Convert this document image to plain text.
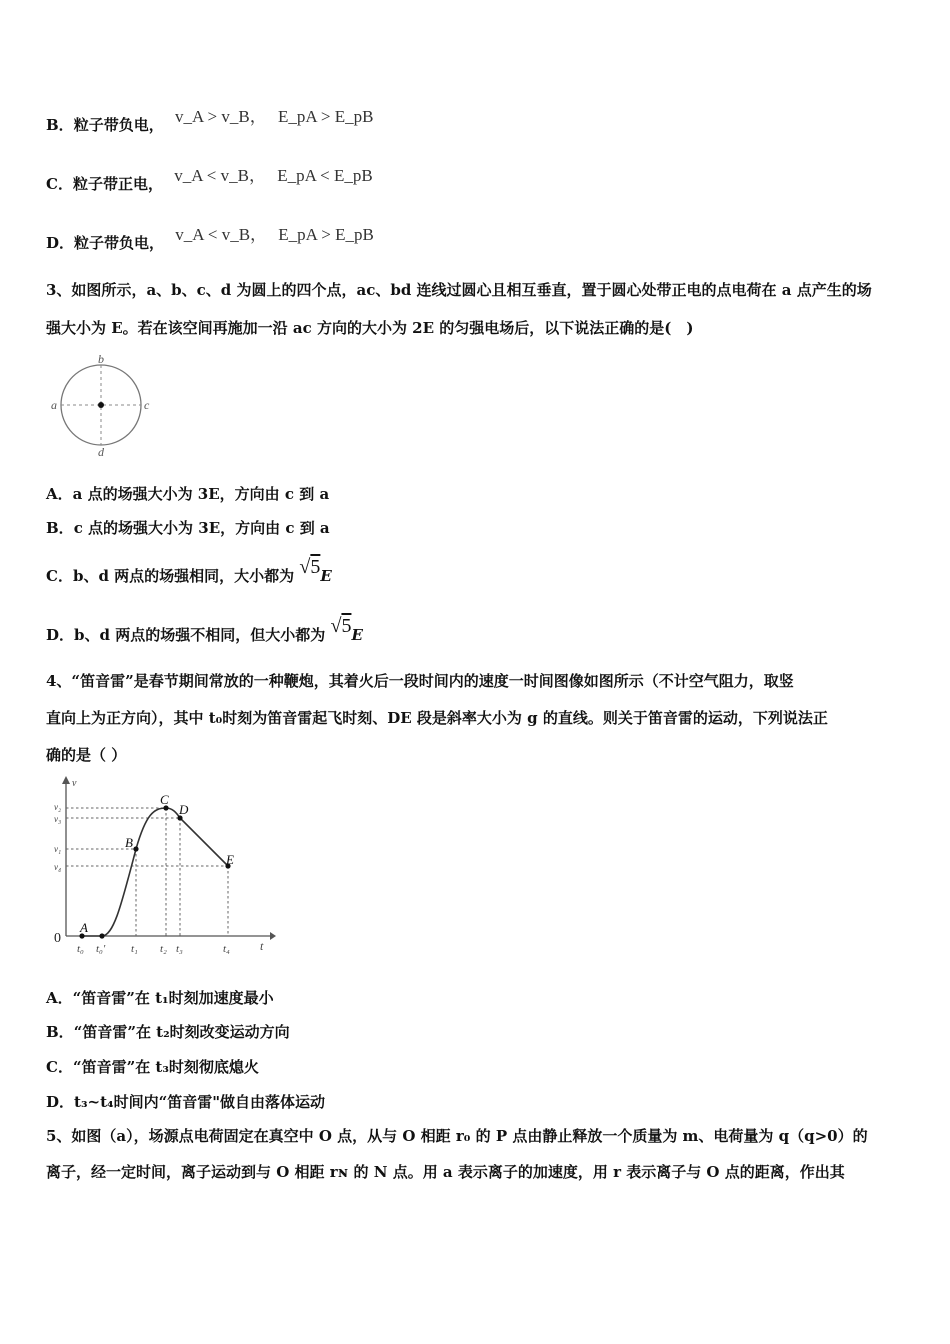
B．粒子带负电， v_A > v_B， E_pA > E_pB
C．粒子带正电， v_A < v_B， E_pA < E_pB
D．粒子带负电， v_A < v_B， E_pA > E_pB
3、如图所示，a、b、c、d 为圆上的四个点，ac、bd 连线过圆心且相互垂直，置于圆心处带正电的点电荷在 a 点产生的场
强大小为 E。若在该空间再施加一沿 ac 方向的大小为 2E 的匀强电场后，以下说法正确的是(　)
a
b
c
d
A．a 点的场强大小为 3E，方向由 c 到 a
B．c 点的场强大小为 3E，方向由 c 到 a
C．b、d 两点的场强相同，大小都为 √5E
D．b、d 两点的场强不相同，但大小都为 √5E
4、“笛音雷”是春节期间常放的一种鞭炮，其着火后一段时间内的速度一时间图像如图所示（不计空气阻力，取竖
直向上为正方向），其中 t₀时刻为笛音雷起飞时刻、DE 段是斜率大小为 g 的直线。则关于笛音雷的运动，下列说法正
确的是（ ）
v
t
0
A
B
C
D
E
v₂
v₃
v₁
v₄
t₀ t₀' t₁ t₂ t₃	t₄
A．“笛音雷”在 t₁时刻加速度最小
B．“笛音雷”在 t₂时刻改变运动方向
C．“笛音雷”在 t₃时刻彻底熄火
D．t₃~t₄时间内“笛音雷"做自由落体运动
5、如图（a），场源点电荷固定在真空中 O 点，从与 O 相距 r₀ 的 P 点由静止释放一个质量为 m、电荷量为 q（q>0）的
离子，经一定时间，离子运动到与 O 相距 rɴ 的 N 点。用 a 表示离子的加速度，用 r 表示离子与 O 点的距离，作出其
